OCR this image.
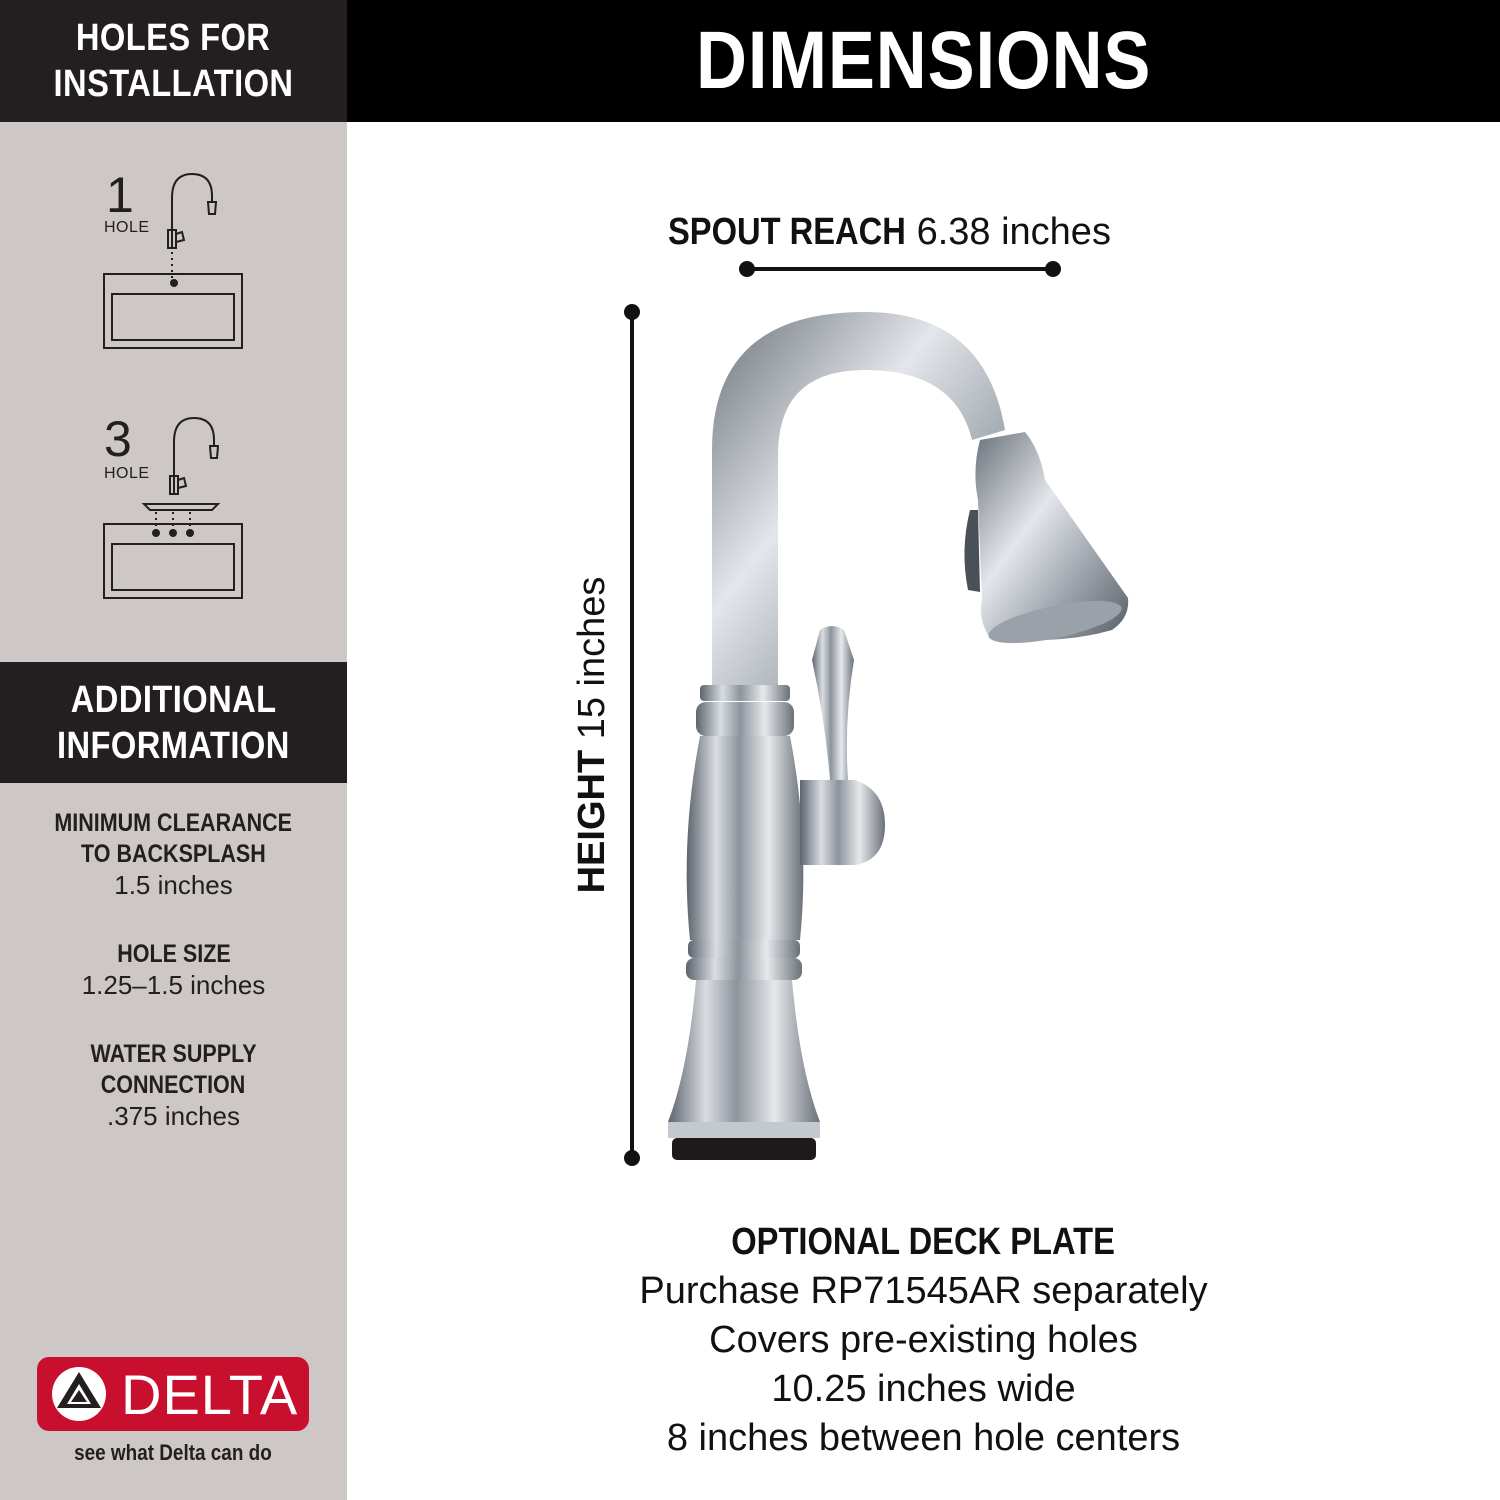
HOLES FOR
INSTALLATION
1
HOLE
3
HOLE
ADDITIONAL
INFORMATION
MINIMUM CLEARANCE
TO BACKSPLASH
1.5 inches
HOLE SIZE
1.25–1.5 inches
WATER SUPPLY
CONNECTION
.375 inches
DELTA
see what Delta can do
DIMENSIONS
SPOUT REACH 6.38 inches
HEIGHT 15 inches
OPTIONAL DECK PLATE
Purchase RP71545AR separately
Covers pre-existing holes
10.25 inches wide
8 inches between hole centers
